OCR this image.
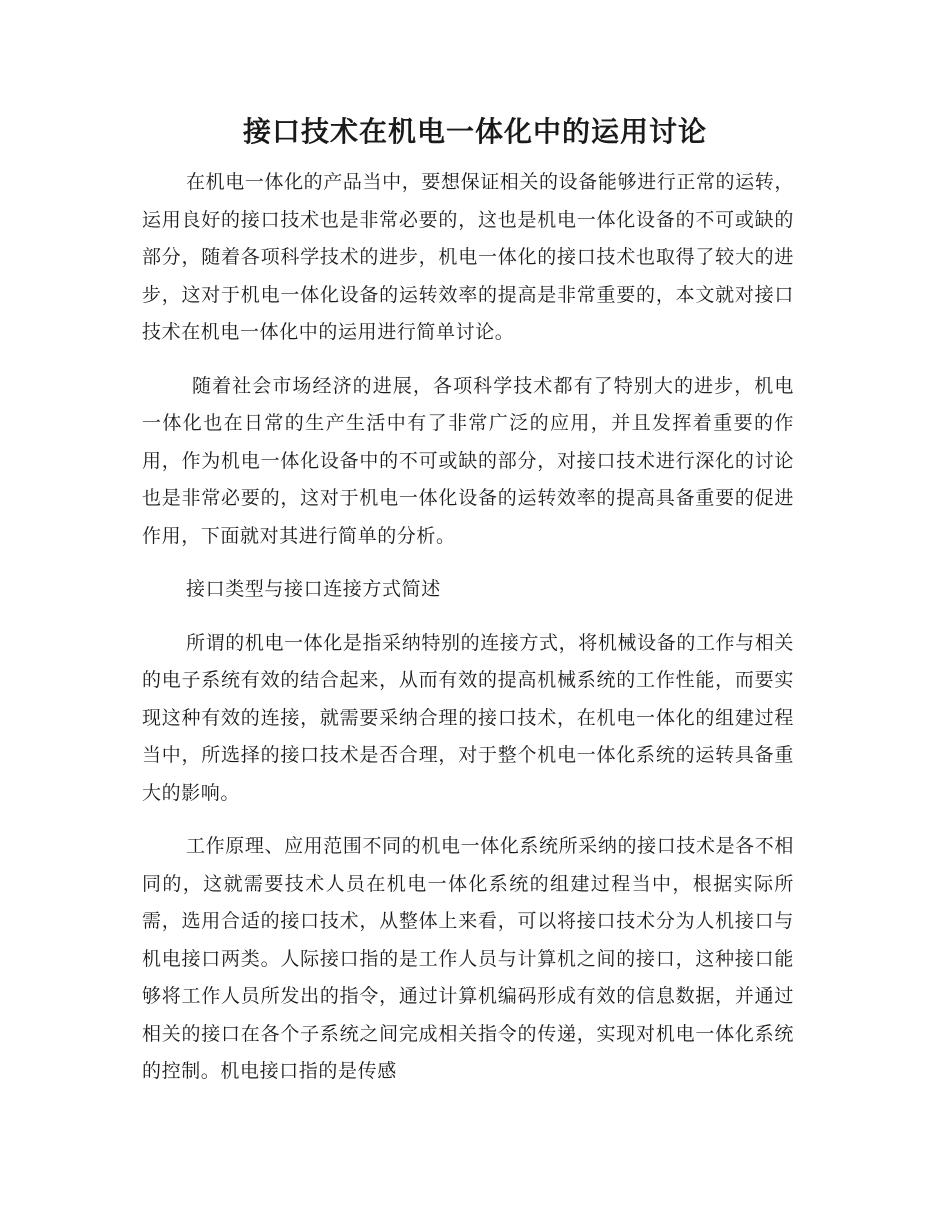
接口技术在机电一体化中的运用讨论

在机电一体化的产品当中，要想保证相关的设备能够进行正常的运转，运用良好的接口技术也是非常必要的，这也是机电一体化设备的不可或缺的部分，随着各项科学技术的进步，机电一体化的接口技术也取得了较大的进步，这对于机电一体化设备的运转效率的提高是非常重要的，本文就对接口技术在机电一体化中的运用进行简单讨论。

随着社会市场经济的进展，各项科学技术都有了特别大的进步，机电一体化也在日常的生产生活中有了非常广泛的应用，并且发挥着重要的作用，作为机电一体化设备中的不可或缺的部分，对接口技术进行深化的讨论也是非常必要的，这对于机电一体化设备的运转效率的提高具备重要的促进作用，下面就对其进行简单的分析。

接口类型与接口连接方式简述

所谓的机电一体化是指采纳特别的连接方式，将机械设备的工作与相关的电子系统有效的结合起来，从而有效的提高机械系统的工作性能，而要实现这种有效的连接，就需要采纳合理的接口技术，在机电一体化的组建过程当中，所选择的接口技术是否合理，对于整个机电一体化系统的运转具备重大的影响。

工作原理、应用范围不同的机电一体化系统所采纳的接口技术是各不相同的，这就需要技术人员在机电一体化系统的组建过程当中，根据实际所需，选用合适的接口技术，从整体上来看，可以将接口技术分为人机接口与机电接口两类。人际接口指的是工作人员与计算机之间的接口，这种接口能够将工作人员所发出的指令，通过计算机编码形成有效的信息数据，并通过相关的接口在各个子系统之间完成相关指令的传递，实现对机电一体化系统的控制。机电接口指的是传感
